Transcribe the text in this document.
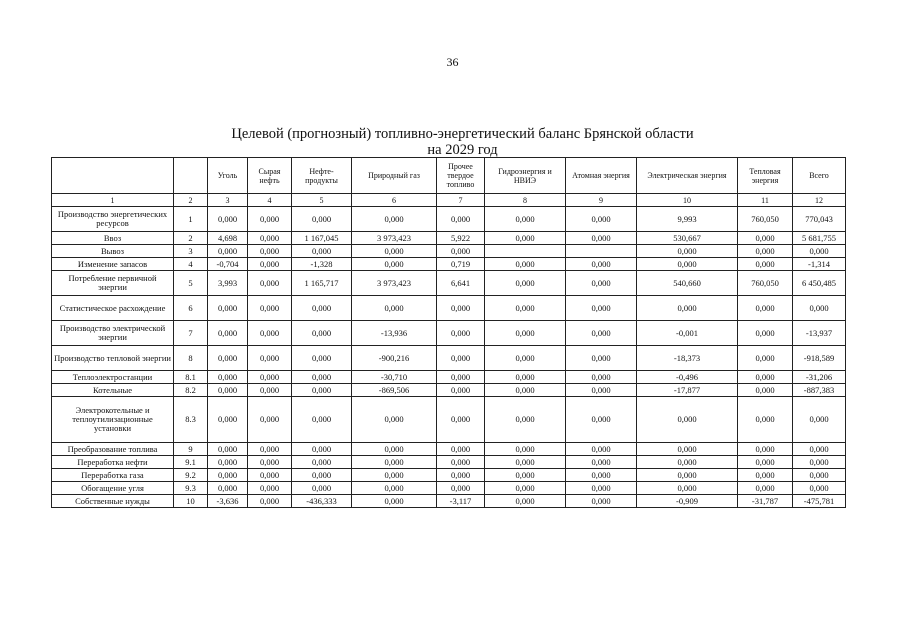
36
Целевой (прогнозный) топливно-энергетический баланс Брянской области
на 2029 год
		Уголь	Сырая нефть	Нефте-продукты	Природный газ	Прочее твердое топливо	Гидроэнергия и НВИЭ	Атомная энергия	Электрическая энергия	Тепловая энергия	Всего
1	2	3	4	5	6	7	8	9	10	11	12
Производство энергетических ресурсов	1	0,000	0,000	0,000	0,000	0,000	0,000	0,000	9,993	760,050	770,043
Ввоз	2	4,698	0,000	1 167,045	3 973,423	5,922	0,000	0,000	530,667	0,000	5 681,755
Вывоз	3	0,000	0,000	0,000	0,000	0,000			0,000	0,000	0,000
Изменение запасов	4	-0,704	0,000	-1,328	0,000	0,719	0,000	0,000	0,000	0,000	-1,314
Потребление первичной энергии	5	3,993	0,000	1 165,717	3 973,423	6,641	0,000	0,000	540,660	760,050	6 450,485
Статистическое расхождение	6	0,000	0,000	0,000	0,000	0,000	0,000	0,000	0,000	0,000	0,000
Производство электрической энергии	7	0,000	0,000	0,000	-13,936	0,000	0,000	0,000	-0,001	0,000	-13,937
Производство тепловой энергии	8	0,000	0,000	0,000	-900,216	0,000	0,000	0,000	-18,373	0,000	-918,589
Теплоэлектростанции	8.1	0,000	0,000	0,000	-30,710	0,000	0,000	0,000	-0,496	0,000	-31,206
Котельные	8.2	0,000	0,000	0,000	-869,506	0,000	0,000	0,000	-17,877	0,000	-887,383
Электрокотельные и теплоутилизационные установки	8.3	0,000	0,000	0,000	0,000	0,000	0,000	0,000	0,000	0,000	0,000
Преобразование топлива	9	0,000	0,000	0,000	0,000	0,000	0,000	0,000	0,000	0,000	0,000
Переработка нефти	9.1	0,000	0,000	0,000	0,000	0,000	0,000	0,000	0,000	0,000	0,000
Переработка газа	9.2	0,000	0,000	0,000	0,000	0,000	0,000	0,000	0,000	0,000	0,000
Обогащение угля	9.3	0,000	0,000	0,000	0,000	0,000	0,000	0,000	0,000	0,000	0,000
Собственные нужды	10	-3,636	0,000	-436,333	0,000	-3,117	0,000	0,000	-0,909	-31,787	-475,781
